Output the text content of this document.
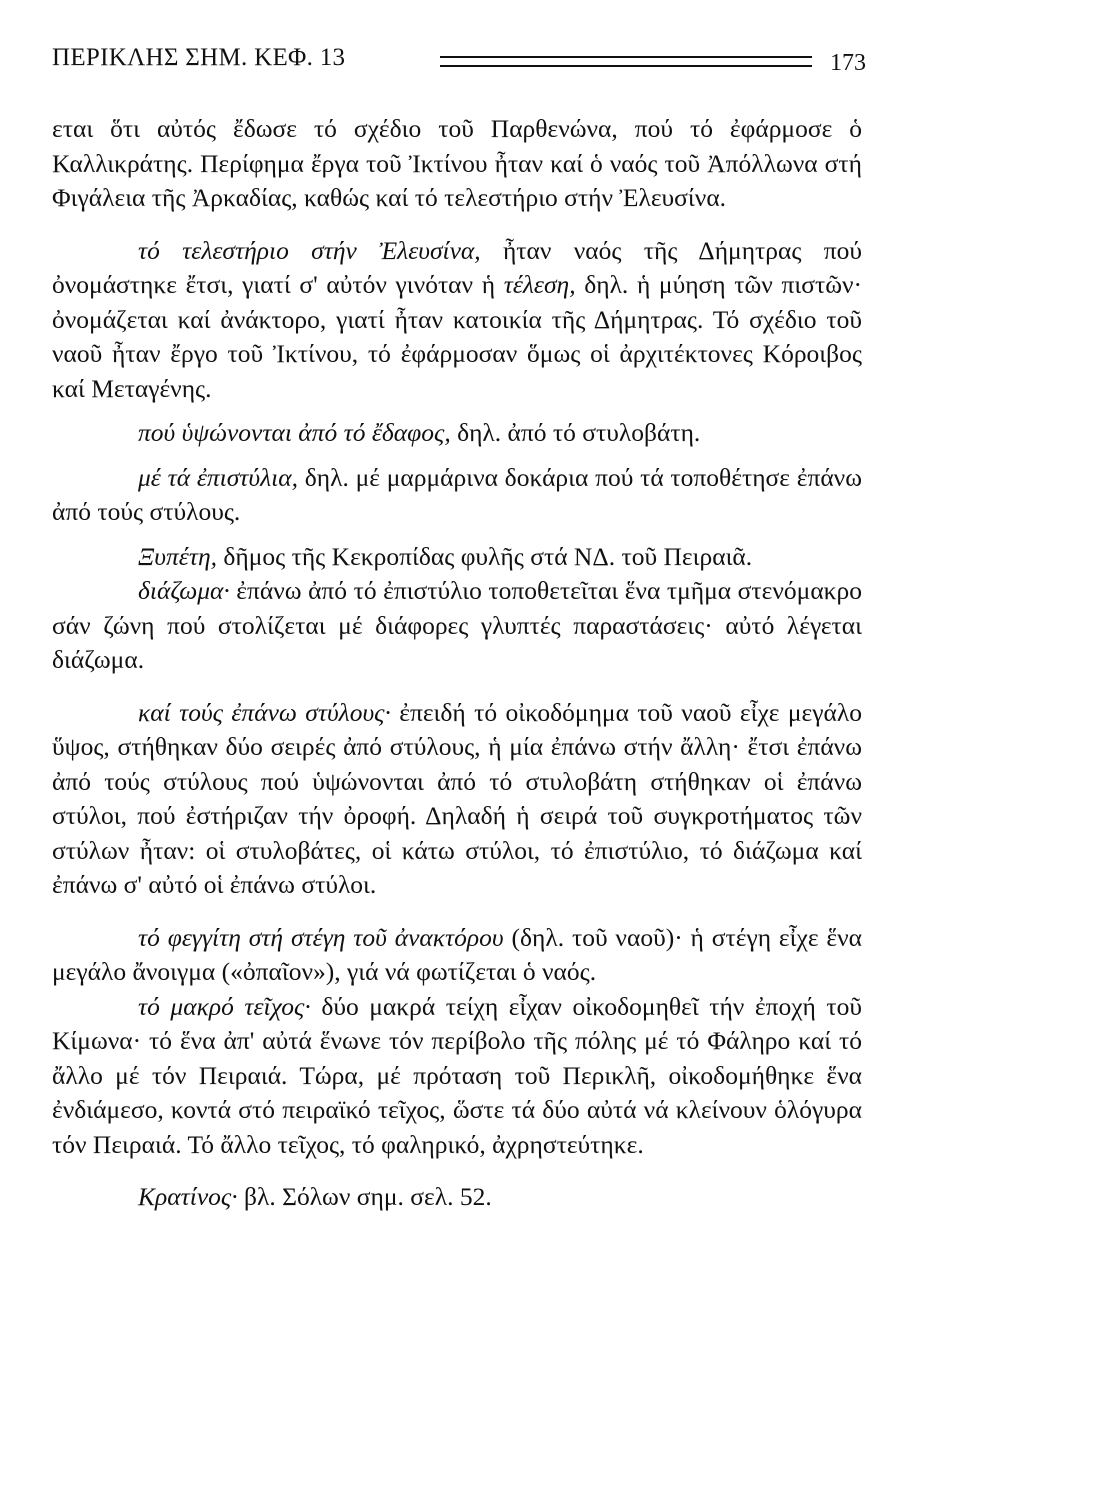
ΠΕΡΙΚΛΗΣ ΣΗΜ. ΚΕΦ. 13	173

εται ὅτι αὐτός ἔδωσε τό σχέδιο τοῦ Παρθενώνα, πού τό ἐφάρμοσε ὁ Καλλικράτης. Περίφημα ἔργα τοῦ Ἰκτίνου ἦταν καί ὁ ναός τοῦ Ἀπόλλωνα στή Φιγάλεια τῆς Ἀρκαδίας, καθώς καί τό τελεστήριο στήν Ἐλευσίνα.

τό τελεστήριο στήν Ἐλευσίνα, ἦταν ναός τῆς Δήμητρας πού ὀνομάστηκε ἔτσι, γιατί σ' αὐτόν γινόταν ἡ τέλεση, δηλ. ἡ μύηση τῶν πιστῶν· ὀνομάζεται καί ἀνάκτορο, γιατί ἦταν κατοικία τῆς Δήμητρας. Τό σχέδιο τοῦ ναοῦ ἦταν ἔργο τοῦ Ἰκτίνου, τό ἐφάρμοσαν ὅμως οἱ ἀρχιτέκτονες Κόροιβος καί Μεταγένης.

πού ὑψώνονται ἀπό τό ἔδαφος, δηλ. ἀπό τό στυλοβάτη.

μέ τά ἐπιστύλια, δηλ. μέ μαρμάρινα δοκάρια πού τά τοποθέτησε ἐπάνω ἀπό τούς στύλους.

Ξυπέτη, δῆμος τῆς Κεκροπίδας φυλῆς στά ΝΔ. τοῦ Πειραιᾶ.

διάζωμα· ἐπάνω ἀπό τό ἐπιστύλιο τοποθετεῖται ἕνα τμῆμα στενόμακρο σάν ζώνη πού στολίζεται μέ διάφορες γλυπτές παραστάσεις· αὐτό λέγεται διάζωμα.

καί τούς ἐπάνω στύλους· ἐπειδή τό οἰκοδόμημα τοῦ ναοῦ εἶχε μεγάλο ὕψος, στήθηκαν δύο σειρές ἀπό στύλους, ἡ μία ἐπάνω στήν ἄλλη· ἔτσι ἐπάνω ἀπό τούς στύλους πού ὑψώνονται ἀπό τό στυλοβάτη στήθηκαν οἱ ἐπάνω στύλοι, πού ἐστήριζαν τήν ὀροφή. Δηλαδή ἡ σειρά τοῦ συγκροτήματος τῶν στύλων ἦταν: οἱ στυλοβάτες, οἱ κάτω στύλοι, τό ἐπιστύλιο, τό διάζωμα καί ἐπάνω σ' αὐτό οἱ ἐπάνω στύλοι.

τό φεγγίτη στή στέγη τοῦ ἀνακτόρου (δηλ. τοῦ ναοῦ)· ἡ στέγη εἶχε ἕνα μεγάλο ἄνοιγμα («ὀπαῖον»), γιά νά φωτίζεται ὁ ναός.

τό μακρό τεῖχος· δύο μακρά τείχη εἶχαν οἰκοδομηθεῖ τήν ἐποχή τοῦ Κίμωνα· τό ἕνα ἀπ' αὐτά ἕνωνε τόν περίβολο τῆς πόλης μέ τό Φάληρο καί τό ἄλλο μέ τόν Πειραιά. Τώρα, μέ πρόταση τοῦ Περικλῆ, οἰκοδομήθηκε ἕνα ἐνδιάμεσο, κοντά στό πειραϊκό τεῖχος, ὥστε τά δύο αὐτά νά κλείνουν ὁλόγυρα τόν Πειραιά. Τό ἄλλο τεῖχος, τό φαληρικό, ἀχρηστεύτηκε.

Κρατίνος· βλ. Σόλων σημ. σελ. 52.
